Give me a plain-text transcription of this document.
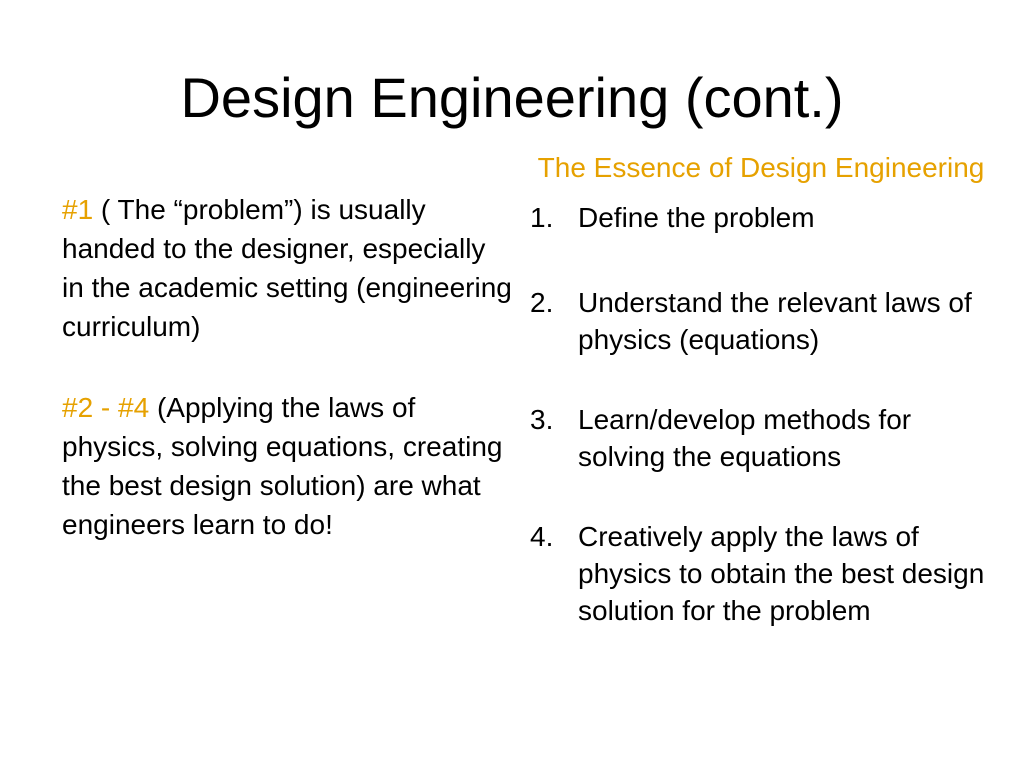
Design Engineering (cont.)

#1 ( The “problem”) is usually handed to the designer, especially in the academic setting (engineering curriculum)

#2 - #4 (Applying the laws of physics, solving equations, creating the best design solution) are what engineers learn to do!

The Essence of Design Engineering
1. Define the problem
2. Understand the relevant laws of physics (equations)
3. Learn/develop methods for solving the equations
4. Creatively apply the laws of physics to obtain the best design solution for the problem
